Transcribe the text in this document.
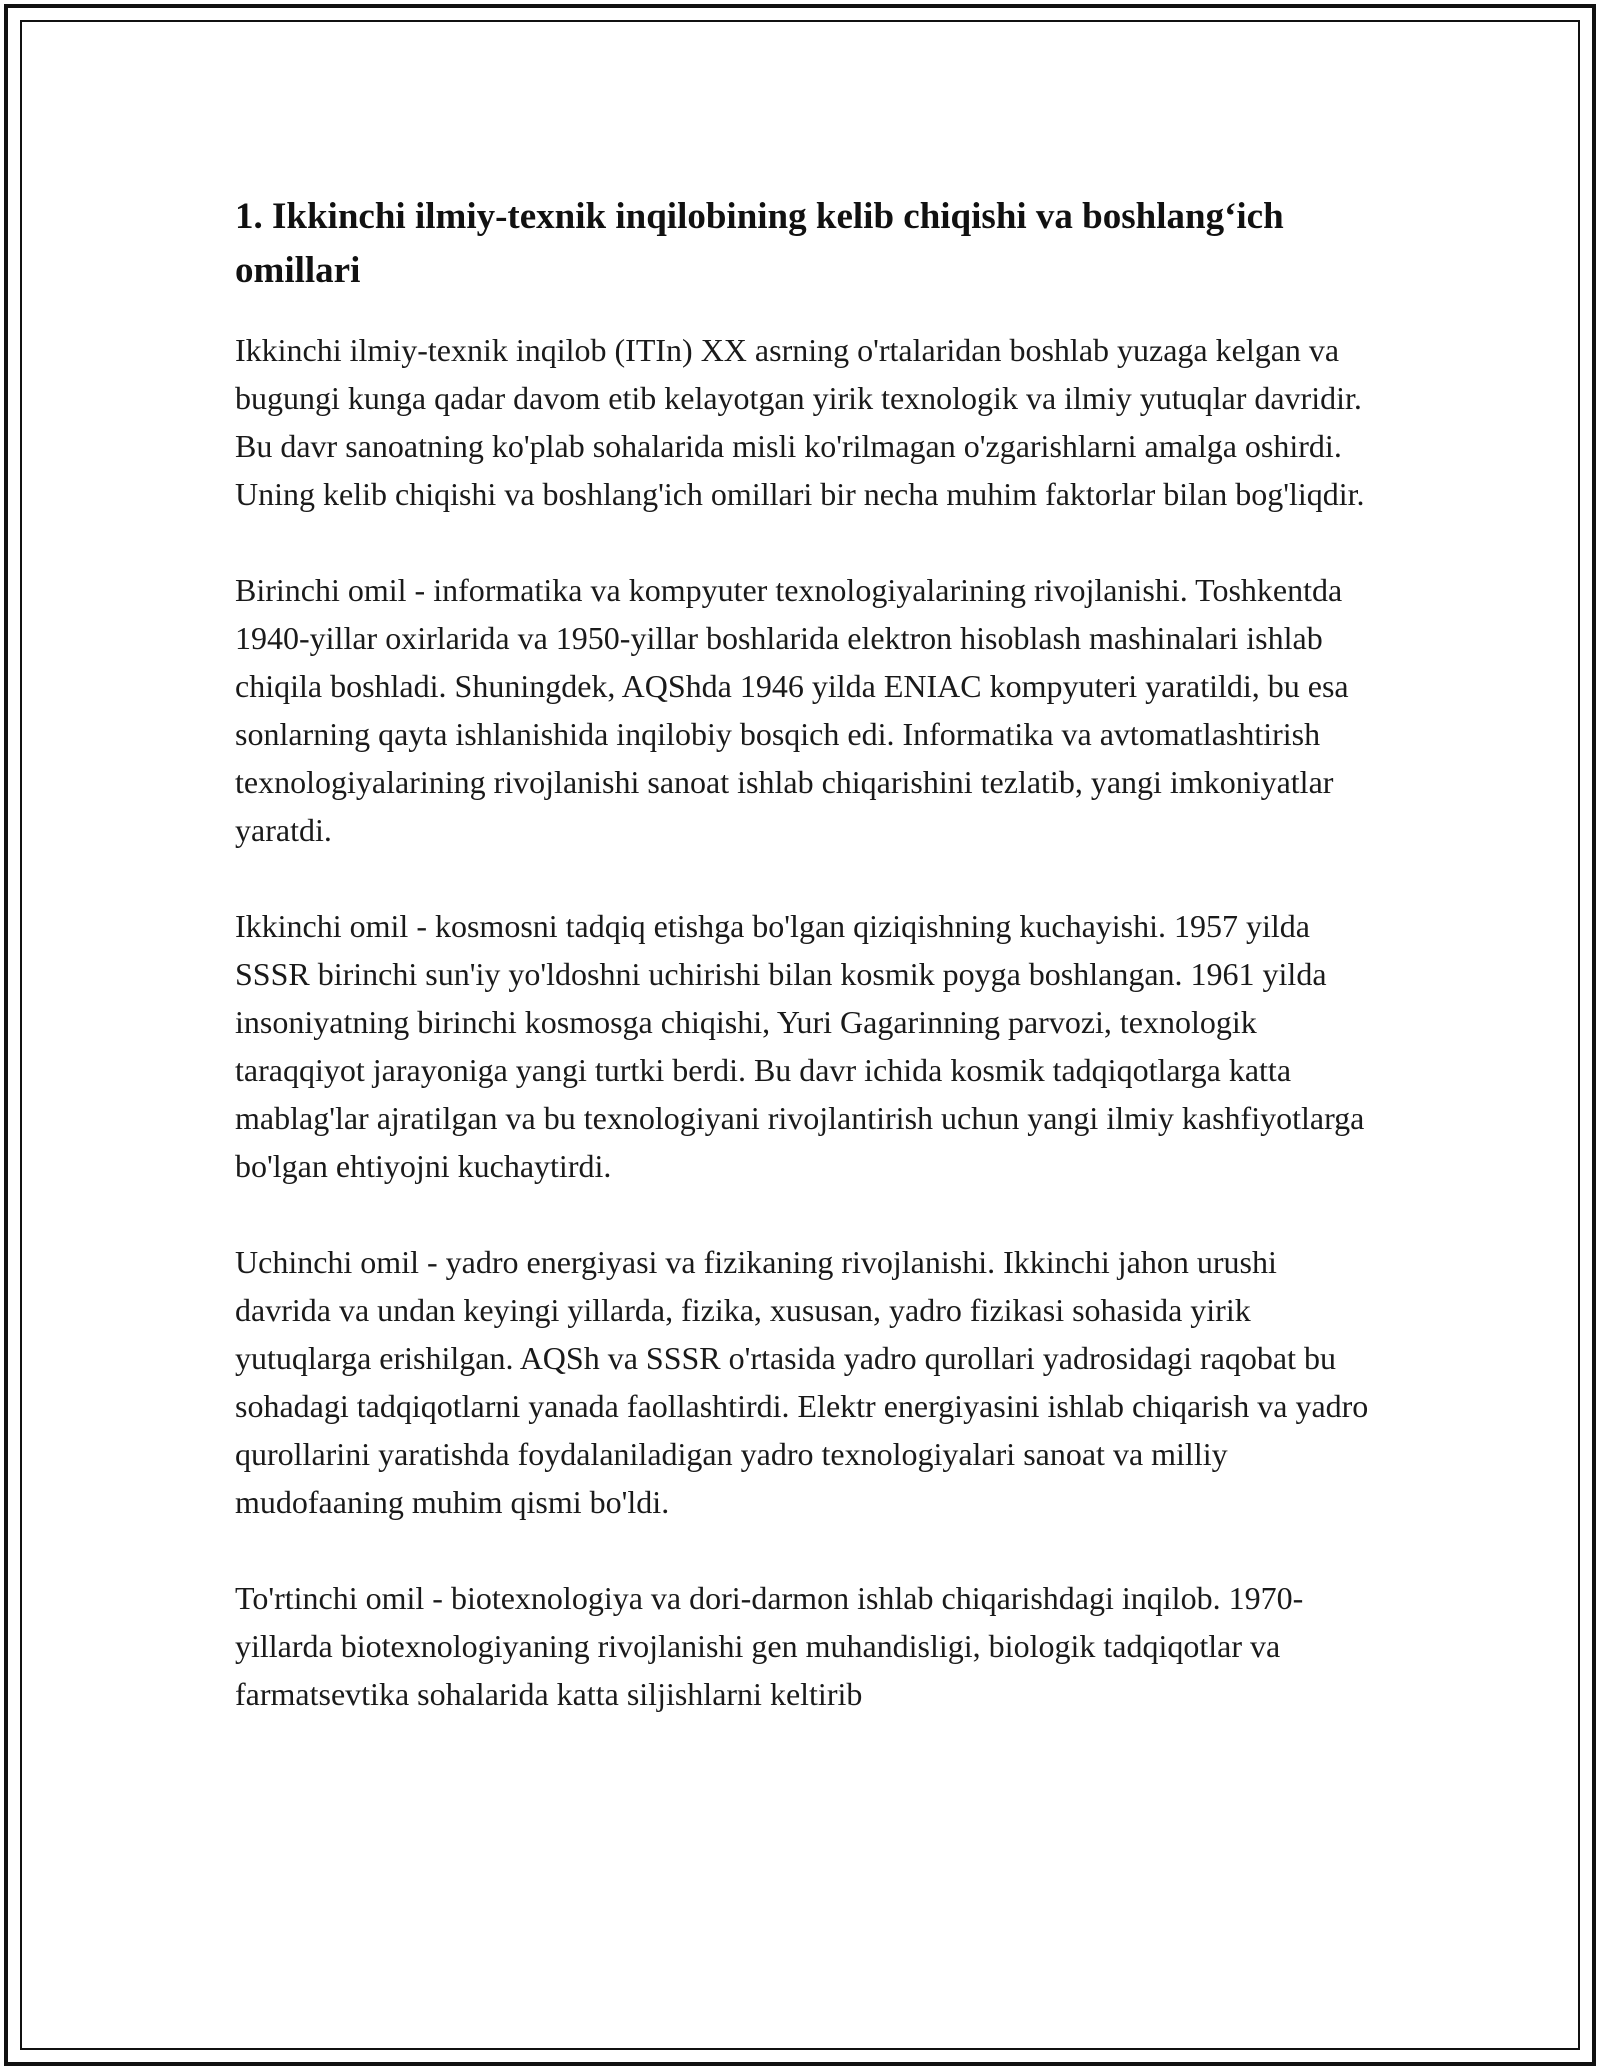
1. Ikkinchi ilmiy-texnik inqilobining kelib chiqishi va boshlang‘ich omillari

Ikkinchi ilmiy-texnik inqilob (ITIn) XX asrning o'rtalaridan boshlab yuzaga kelgan va bugungi kunga qadar davom etib kelayotgan yirik texnologik va ilmiy yutuqlar davridir. Bu davr sanoatning ko'plab sohalarida misli ko'rilmagan o'zgarishlarni amalga oshirdi. Uning kelib chiqishi va boshlang'ich omillari bir necha muhim faktorlar bilan bog'liqdir.

Birinchi omil - informatika va kompyuter texnologiyalarining rivojlanishi. Toshkentda 1940-yillar oxirlarida va 1950-yillar boshlarida elektron hisoblash mashinalari ishlab chiqila boshladi. Shuningdek, AQShda 1946 yilda ENIAC kompyuteri yaratildi, bu esa sonlarning qayta ishlanishida inqilobiy bosqich edi. Informatika va avtomatlashtirish texnologiyalarining rivojlanishi sanoat ishlab chiqarishini tezlatib, yangi imkoniyatlar yaratdi.

Ikkinchi omil - kosmosni tadqiq etishga bo'lgan qiziqishning kuchayishi. 1957 yilda SSSR birinchi sun'iy yo'ldoshni uchirishi bilan kosmik poyga boshlangan. 1961 yilda insoniyatning birinchi kosmosga chiqishi, Yuri Gagarinning parvozi, texnologik taraqqiyot jarayoniga yangi turtki berdi. Bu davr ichida kosmik tadqiqotlarga katta mablag'lar ajratilgan va bu texnologiyani rivojlantirish uchun yangi ilmiy kashfiyotlarga bo'lgan ehtiyojni kuchaytirdi.

Uchinchi omil - yadro energiyasi va fizikaning rivojlanishi. Ikkinchi jahon urushi davrida va undan keyingi yillarda, fizika, xususan, yadro fizikasi sohasida yirik yutuqlarga erishilgan. AQSh va SSSR o'rtasida yadro qurollari yadrosidagi raqobat bu sohadagi tadqiqotlarni yanada faollashtirdi. Elektr energiyasini ishlab chiqarish va yadro qurollarini yaratishda foydalaniladigan yadro texnologiyalari sanoat va milliy mudofaaning muhim qismi bo'ldi.

To'rtinchi omil - biotexnologiya va dori-darmon ishlab chiqarishdagi inqilob. 1970-yillarda biotexnologiyaning rivojlanishi gen muhandisligi, biologik tadqiqotlar va farmatsevtika sohalarida katta siljishlarni keltirib
